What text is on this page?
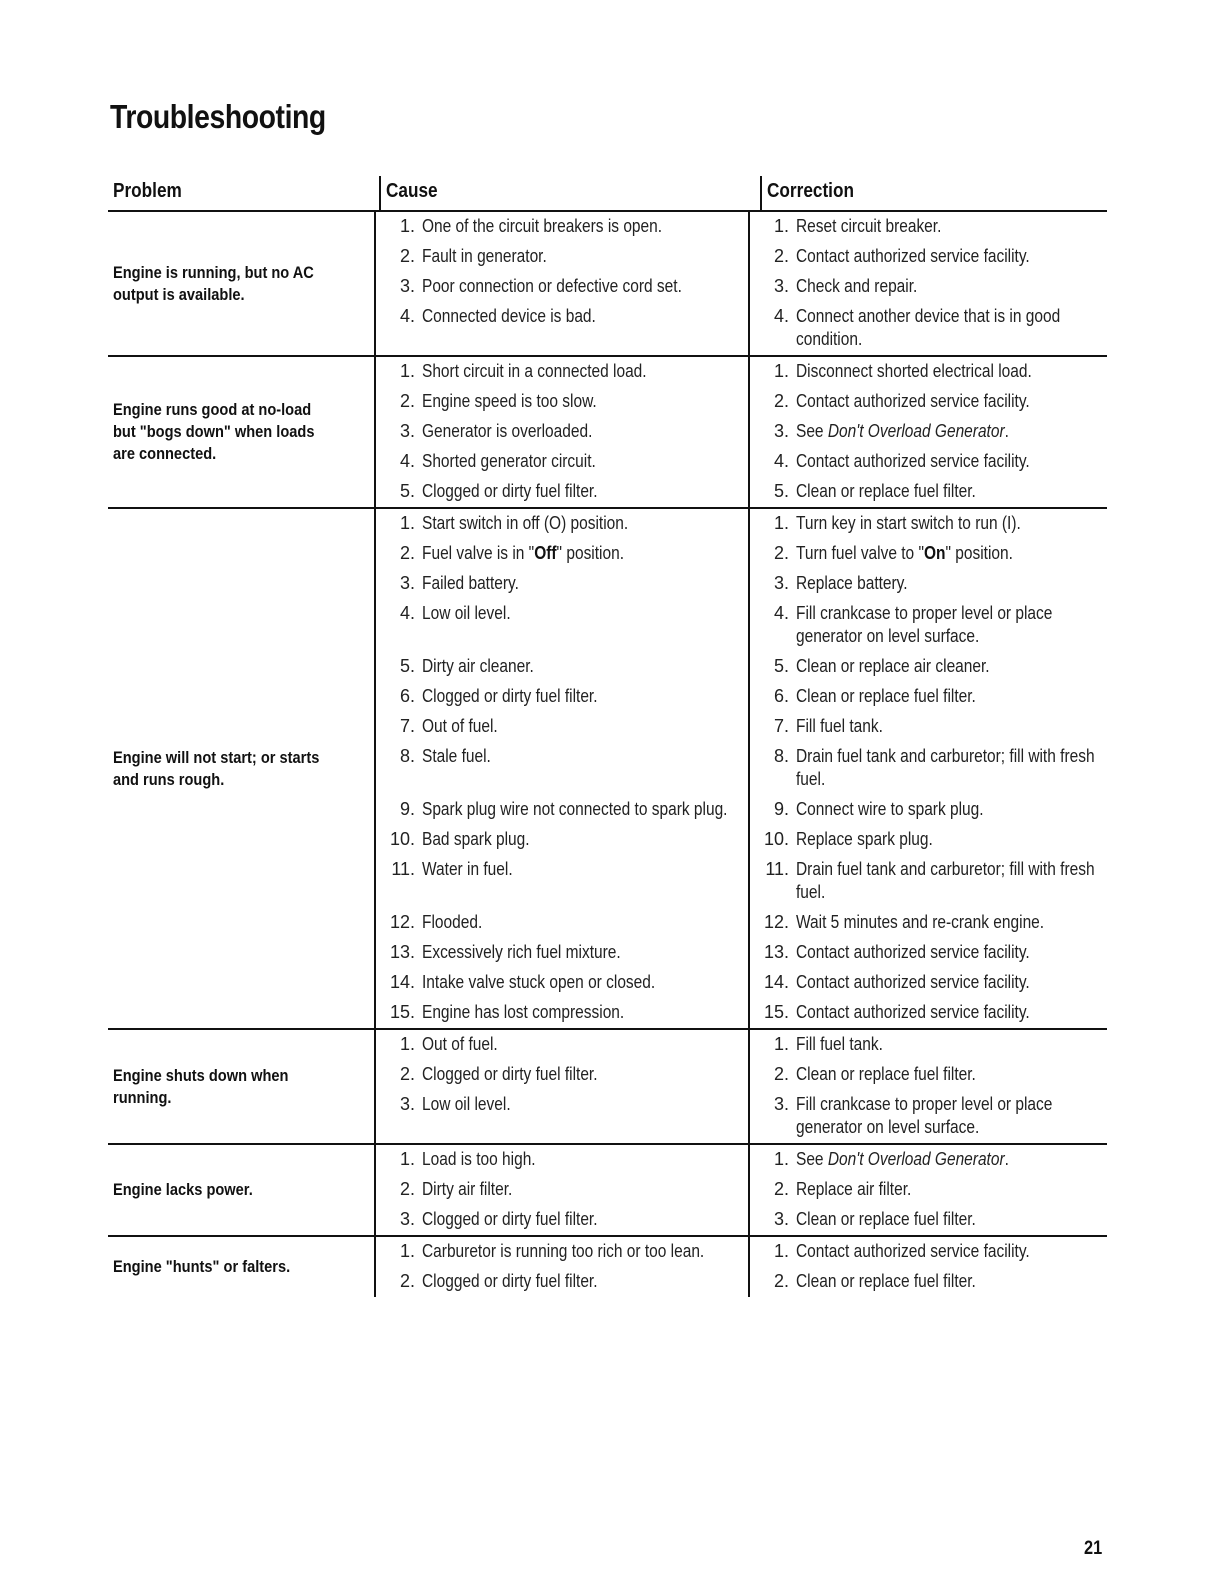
Troubleshooting
Problem	Cause	Correction
Engine is running, but no AC output is available.
1. One of the circuit breakers is open.	1. Reset circuit breaker.
2. Fault in generator.	2. Contact authorized service facility.
3. Poor connection or defective cord set.	3. Check and repair.
4. Connected device is bad.	4. Connect another device that is in good condition.
Engine runs good at no-load but "bogs down" when loads are connected.
1. Short circuit in a connected load.	1. Disconnect shorted electrical load.
2. Engine speed is too slow.	2. Contact authorized service facility.
3. Generator is overloaded.	3. See Don't Overload Generator.
4. Shorted generator circuit.	4. Contact authorized service facility.
5. Clogged or dirty fuel filter.	5. Clean or replace fuel filter.
Engine will not start; or starts and runs rough.
1. Start switch in off (O) position.	1. Turn key in start switch to run (I).
2. Fuel valve is in "Off" position.	2. Turn fuel valve to "On" position.
3. Failed battery.	3. Replace battery.
4. Low oil level.	4. Fill crankcase to proper level or place generator on level surface.
5. Dirty air cleaner.	5. Clean or replace air cleaner.
6. Clogged or dirty fuel filter.	6. Clean or replace fuel filter.
7. Out of fuel.	7. Fill fuel tank.
8. Stale fuel.	8. Drain fuel tank and carburetor; fill with fresh fuel.
9. Spark plug wire not connected to spark plug.	9. Connect wire to spark plug.
10. Bad spark plug.	10. Replace spark plug.
11. Water in fuel.	11. Drain fuel tank and carburetor; fill with fresh fuel.
12. Flooded.	12. Wait 5 minutes and re-crank engine.
13. Excessively rich fuel mixture.	13. Contact authorized service facility.
14. Intake valve stuck open or closed.	14. Contact authorized service facility.
15. Engine has lost compression.	15. Contact authorized service facility.
Engine shuts down when running.
1. Out of fuel.	1. Fill fuel tank.
2. Clogged or dirty fuel filter.	2. Clean or replace fuel filter.
3. Low oil level.	3. Fill crankcase to proper level or place generator on level surface.
Engine lacks power.
1. Load is too high.	1. See Don't Overload Generator.
2. Dirty air filter.	2. Replace air filter.
3. Clogged or dirty fuel filter.	3. Clean or replace fuel filter.
Engine "hunts" or falters.
1. Carburetor is running too rich or too lean.	1. Contact authorized service facility.
2. Clogged or dirty fuel filter.	2. Clean or replace fuel filter.
21
